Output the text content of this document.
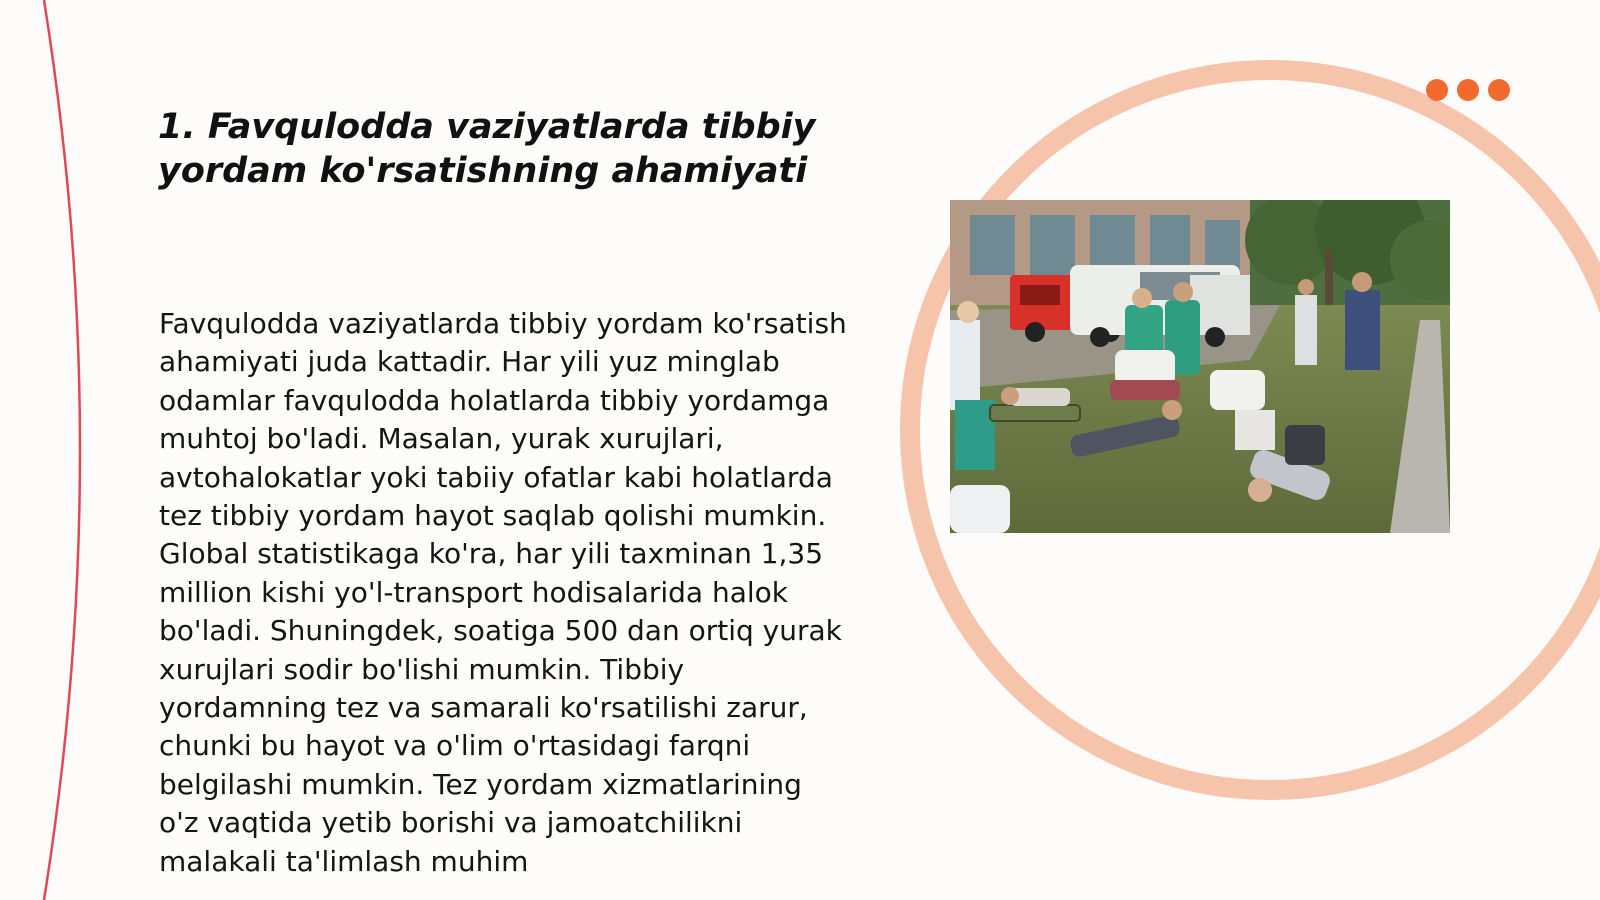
1. Favqulodda vaziyatlarda tibbiy yordam ko'rsatishning ahamiyati

Favqulodda vaziyatlarda tibbiy yordam ko'rsatish ahamiyati juda kattadir. Har yili yuz minglab odamlar favqulodda holatlarda tibbiy yordamga muhtoj bo'ladi. Masalan, yurak xurujlari, avtohalokatlar yoki tabiiy ofatlar kabi holatlarda tez tibbiy yordam hayot saqlab qolishi mumkin. Global statistikaga ko'ra, har yili taxminan 1,35 million kishi yo'l-transport hodisalarida halok bo'ladi. Shuningdek, soatiga 500 dan ortiq yurak xurujlari sodir bo'lishi mumkin. Tibbiy yordamning tez va samarali ko'rsatilishi zarur, chunki bu hayot va o'lim o'rtasidagi farqni belgilashi mumkin. Tez yordam xizmatlarining o'z vaqtida yetib borishi va jamoatchilikni malakali ta'limlash muhim
